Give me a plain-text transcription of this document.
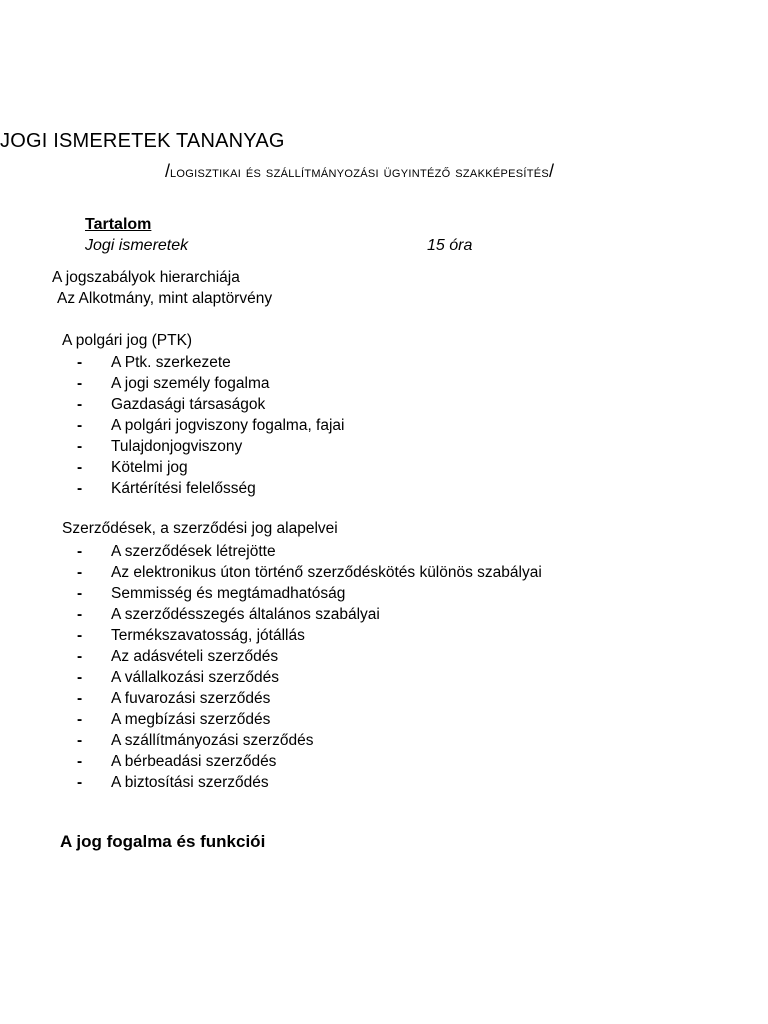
JOGI ISMERETEK TANANYAG
/logisztikai és szállítmányozási ügyintéző szakképesítés/
Tartalom
Jogi ismeretek	15 óra
A jogszabályok hierarchiája
Az Alkotmány, mint alaptörvény
A polgári jog (PTK)
- A Ptk. szerkezete
- A jogi személy fogalma
- Gazdasági társaságok
- A polgári jogviszony fogalma, fajai
- Tulajdonjogviszony
- Kötelmi jog
- Kártérítési felelősség
Szerződések, a szerződési jog alapelvei
- A szerződések létrejötte
- Az elektronikus úton történő szerződéskötés különös szabályai
- Semmisség és megtámadhatóság
- A szerződésszegés általános szabályai
- Termékszavatosság, jótállás
- Az adásvételi szerződés
- A vállalkozási szerződés
- A fuvarozási szerződés
- A megbízási szerződés
- A szállítmányozási szerződés
- A bérbeadási szerződés
- A biztosítási szerződés
A jog fogalma és funkciói
